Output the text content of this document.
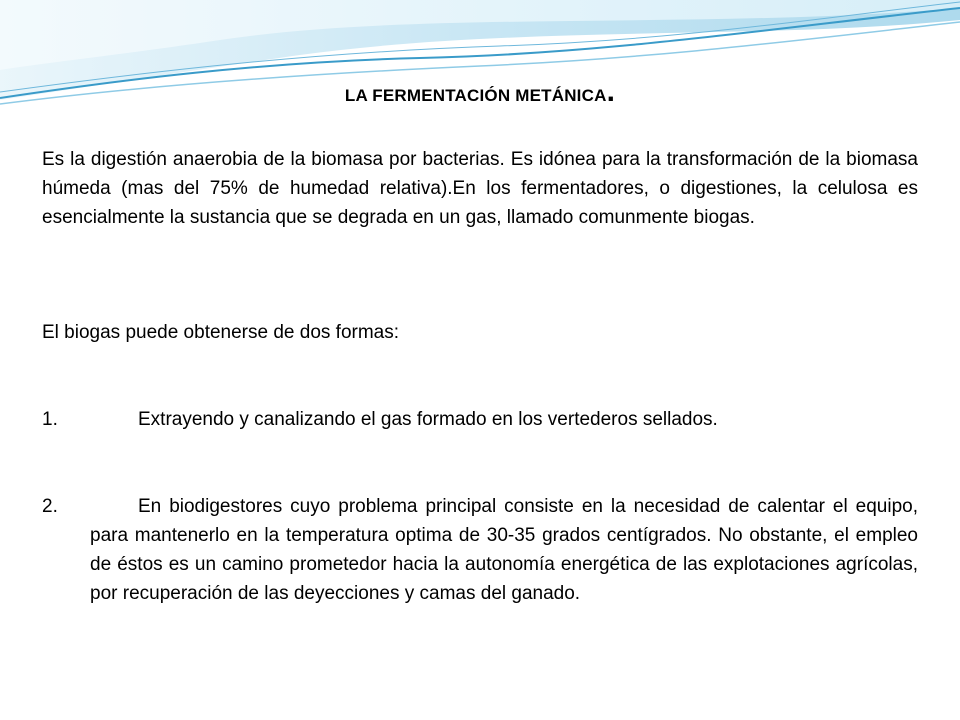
LA FERMENTACIÓN METÁNICA.

Es la digestión anaerobia de la biomasa por bacterias. Es idónea para la transformación de la biomasa húmeda (mas del 75% de humedad relativa).En los fermentadores, o digestiones, la celulosa es esencialmente la sustancia que se degrada en un gas, llamado comunmente biogas.

El biogas puede obtenerse de dos formas:

1.	Extrayendo y canalizando el gas formado en los vertederos sellados.
2.	En biodigestores cuyo problema principal consiste en la necesidad de calentar el equipo, para mantenerlo en la temperatura optima de 30-35 grados centígrados. No obstante, el empleo de éstos es un camino prometedor hacia la autonomía energética de las explotaciones agrícolas, por recuperación de las deyecciones y camas del ganado.
